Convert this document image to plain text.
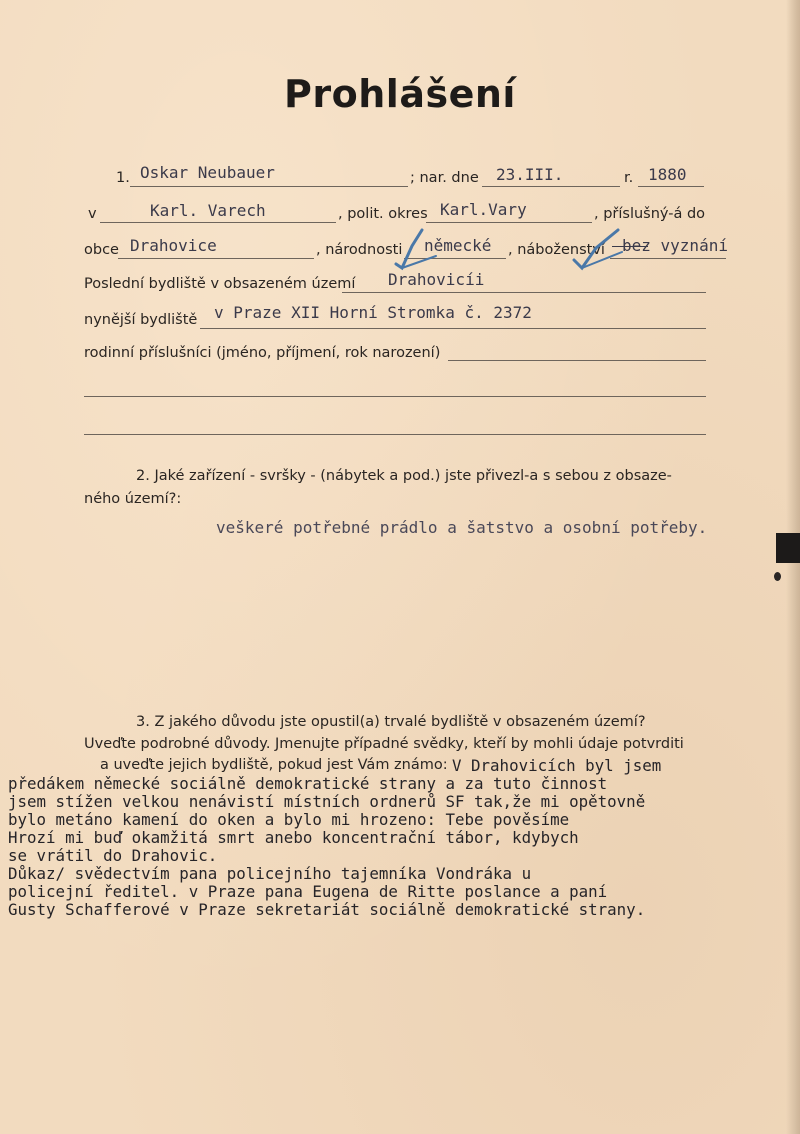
Prohlášení
1. Oskar Neubauer	; nar. dne 23.III.	r. 1880
v	Karl. Varech	, polit. okres Karl.Vary	, příslušný-á do
obce Drahovice	, národnosti německé , náboženství bez vyznání
Poslední bydliště v obsazeném území Drahovicíi
nynější bydliště v Praze XII Horní Stromka č. 2372
rodinní příslušníci (jméno, příjmení, rok narození)
2. Jaké zařízení - svršky - (nábytek a pod.) jste přivezl-a s sebou z obsaze-
ného území?:
veškeré potřebné prádlo a šatstvo a osobní potřeby.
3. Z jakého důvodu jste opustil(a) trvalé bydliště v obsazeném území?
Uveďte podrobné důvody. Jmenujte případné svědky, kteří by mohli údaje potvrditi
a uveďte jejich bydliště, pokud jest Vám známo: V Drahovicích byl jsem
předákem německé sociálně demokratické strany a za tuto činnost
jsem stížen velkou nenávistí místních ordnerů SF tak,že mi opětovně
bylo metáno kamení do oken a bylo mi hrozeno: Tebe pověsíme
Hrozí mi buď okamžitá smrt anebo koncentrační tábor, kdybych
se vrátil do Drahovic.
Důkaz/ svědectvím pana policejního tajemníka Vondráka u
policejní ředitel. v Praze pana Eugena de Ritte poslance a paní
Gusty Schafferové v Praze sekretariát sociálně demokratické strany.
